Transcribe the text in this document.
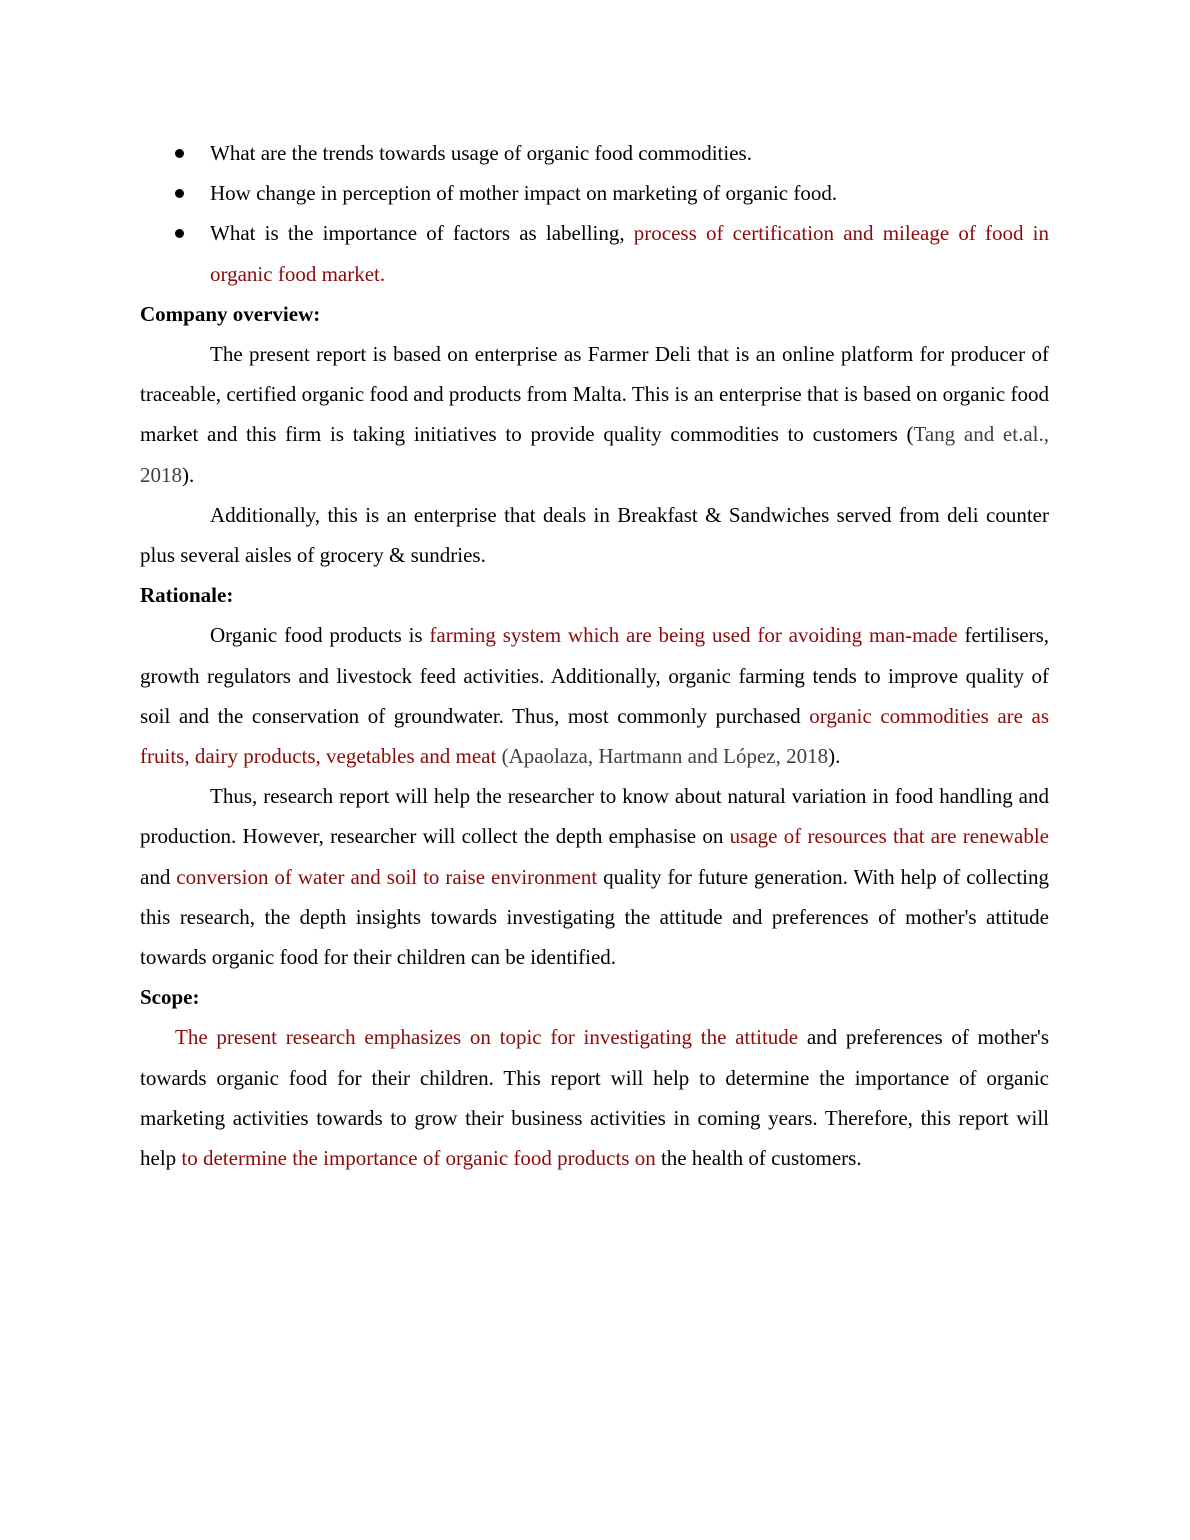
What are the trends towards usage of organic food commodities.
How change in perception of mother impact on marketing of organic food.
What is the importance of factors as labelling, process of certification and mileage of food in organic food market.

Company overview:

The present report is based on enterprise as Farmer Deli that is an online platform for producer of traceable, certified organic food and products from Malta. This is an enterprise that is based on organic food market and this firm is taking initiatives to provide quality commodities to customers (Tang and et.al., 2018).

Additionally, this is an enterprise that deals in Breakfast & Sandwiches served from deli counter plus several aisles of grocery & sundries.

Rationale:

Organic food products is farming system which are being used for avoiding man-made fertilisers, growth regulators and livestock feed activities. Additionally, organic farming tends to improve quality of soil and the conservation of groundwater. Thus, most commonly purchased organic commodities are as fruits, dairy products, vegetables and meat (Apaolaza, Hartmann and López, 2018).

Thus, research report will help the researcher to know about natural variation in food handling and production. However, researcher will collect the depth emphasise on usage of resources that are renewable and conversion of water and soil to raise environment quality for future generation. With help of collecting this research, the depth insights towards investigating the attitude and preferences of mother's attitude towards organic food for their children can be identified.

Scope:

The present research emphasizes on topic for investigating the attitude and preferences of mother's towards organic food for their children. This report will help to determine the importance of organic marketing activities towards to grow their business activities in coming years. Therefore, this report will help to determine the importance of organic food products on the health of customers.
